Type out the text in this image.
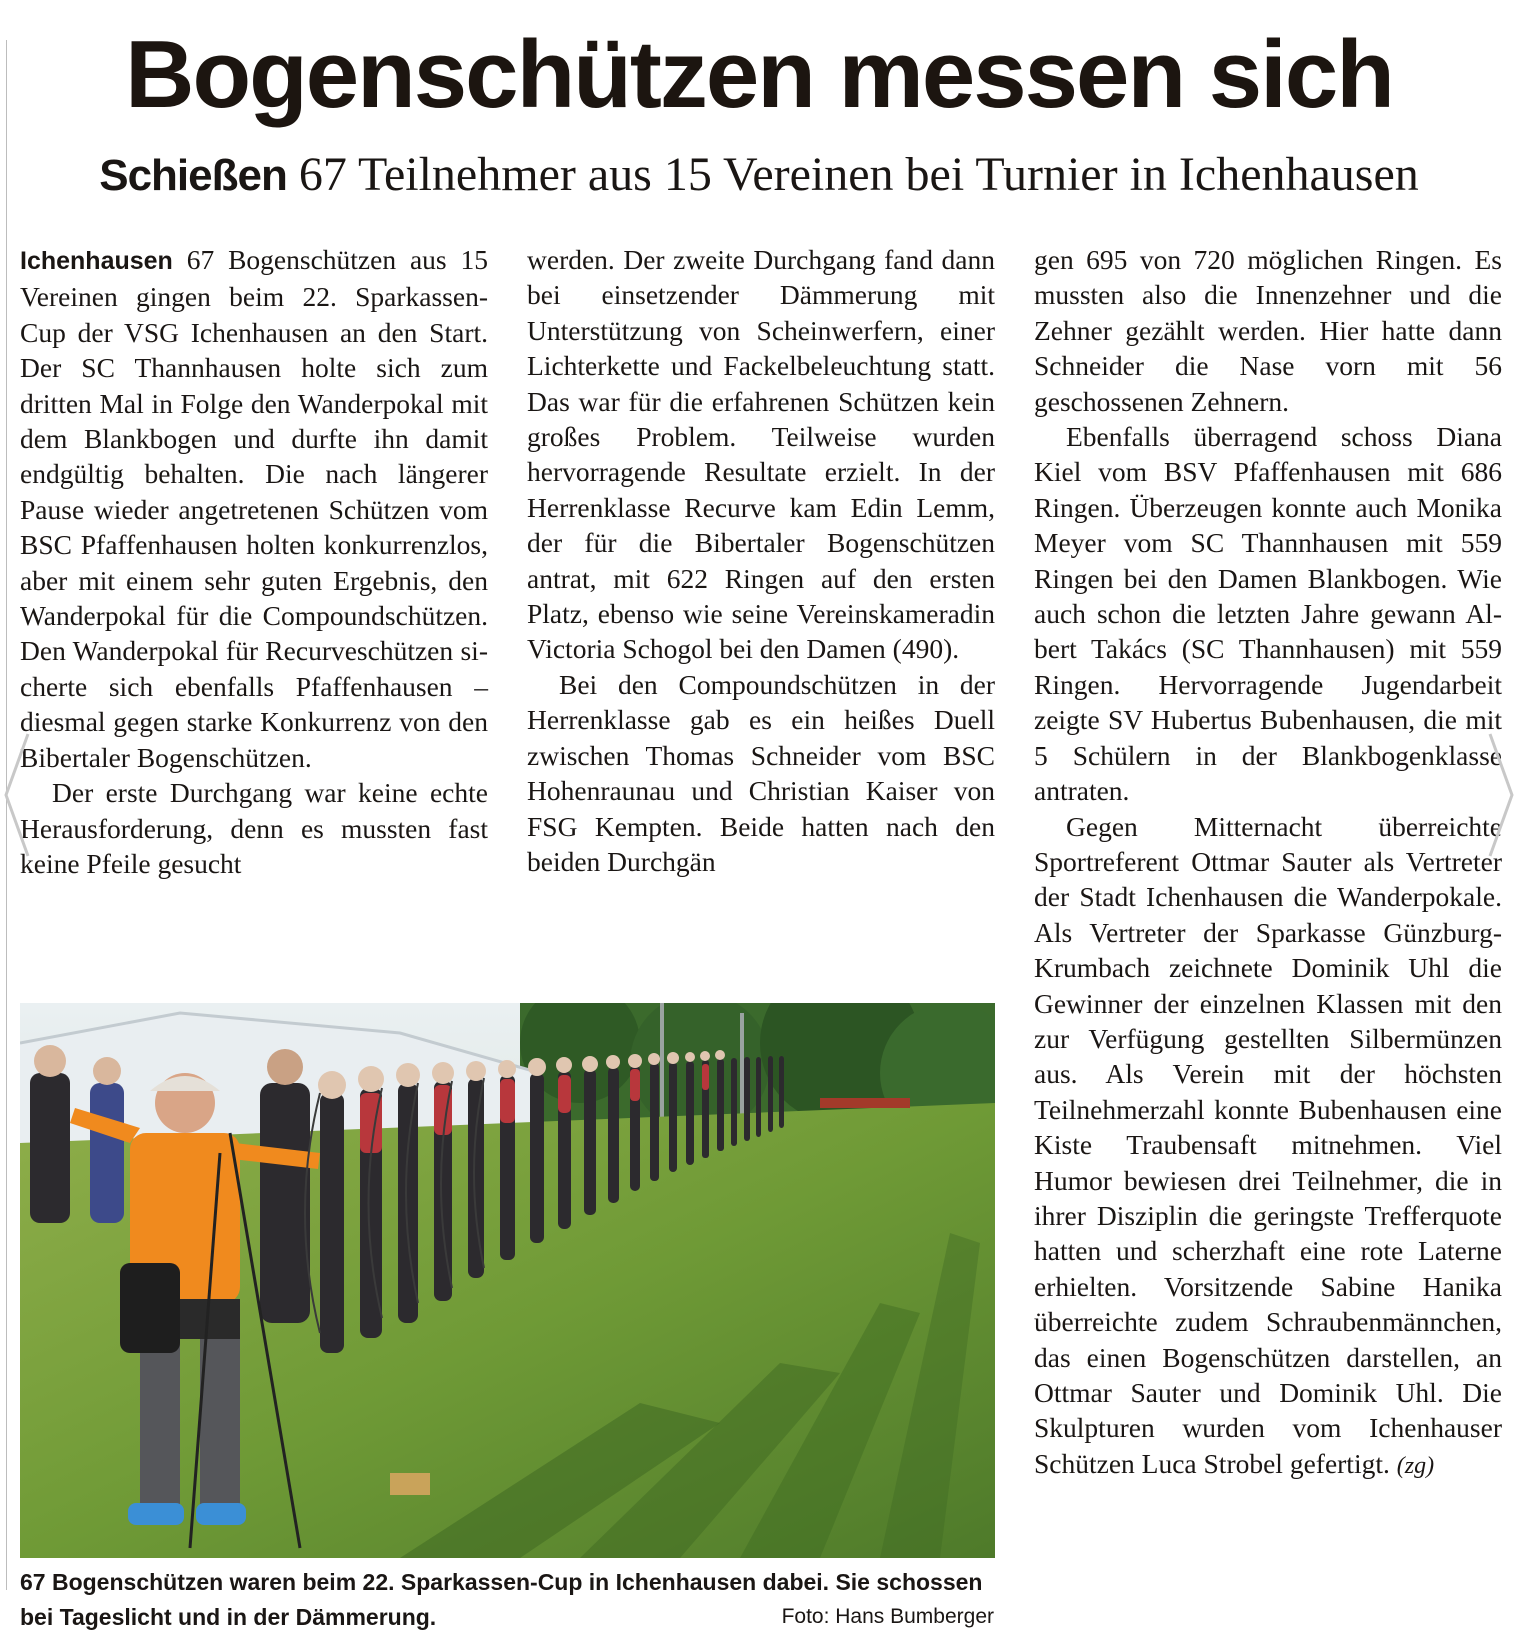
Bogenschützen messen sich
Schießen 67 Teilnehmer aus 15 Vereinen bei Turnier in Ichenhausen

Ichenhausen 67 Bogenschützen aus 15 Vereinen gingen beim 22. Sparkassen-Cup der VSG Ichenhausen an den Start. Der SC Thannhausen holte sich zum dritten Mal in Folge den Wanderpokal mit dem Blankbogen und durfte ihn damit endgültig behalten. Die nach längerer Pause wieder angetretenen Schützen vom BSC Pfaffenhausen holten konkurrenzlos, aber mit einem sehr guten Ergebnis, den Wanderpokal für die Compoundschützen. Den Wanderpokal für Recurveschützen sicherte sich ebenfalls Pfaffenhausen – diesmal gegen starke Konkurrenz von den Bibertaler Bogenschützen.

Der erste Durchgang war keine echte Herausforderung, denn es mussten fast keine Pfeile gesucht

werden. Der zweite Durchgang fand dann bei einsetzender Dämmerung mit Unterstützung von Scheinwerfern, einer Lichterkette und Fackelbeleuchtung statt. Das war für die erfahrenen Schützen kein großes Problem. Teilweise wurden hervorragende Resultate erzielt. In der Herrenklasse Recurve kam Edin Lemm, der für die Bibertaler Bogenschützen antrat, mit 622 Ringen auf den ersten Platz, ebenso wie seine Vereinskameradin Victoria Schogol bei den Damen (490).

Bei den Compoundschützen in der Herrenklasse gab es ein heißes Duell zwischen Thomas Schneider vom BSC Hohenraunau und Christian Kaiser von FSG Kempten. Beide hatten nach den beiden Durchgän

gen 695 von 720 möglichen Ringen. Es mussten also die Innenzehner und die Zehner gezählt werden. Hier hatte dann Schneider die Nase vorn mit 56 geschossenen Zehnern.

Ebenfalls überragend schoss Diana Kiel vom BSV Pfaffenhausen mit 686 Ringen. Überzeugen konnte auch Monika Meyer vom SC Thannhausen mit 559 Ringen bei den Damen Blankbogen. Wie auch schon die letzten Jahre gewann Albert Takács (SC Thannhausen) mit 559 Ringen. Hervorragende Jugendarbeit zeigte SV Hubertus Bubenhausen, die mit 5 Schülern in der Blankbogenklasse antraten.

Gegen Mitternacht überreichte Sportreferent Ottmar Sauter als Vertreter der Stadt Ichenhausen die Wanderpokale. Als Vertreter der Sparkasse Günzburg-Krumbach zeichnete Dominik Uhl die Gewinner der einzelnen Klassen mit den zur Verfügung gestellten Silbermünzen aus. Als Verein mit der höchsten Teilnehmerzahl konnte Bubenhausen eine Kiste Traubensaft mitnehmen. Viel Humor bewiesen drei Teilnehmer, die in ihrer Disziplin die geringste Trefferquote hatten und scherzhaft eine rote Laterne erhielten. Vorsitzende Sabine Hanika überreichte zudem Schraubenmännchen, das einen Bogenschützen darstellen, an Ottmar Sauter und Dominik Uhl. Die Skulpturen wurden vom Ichenhauser Schützen Luca Strobel gefertigt. (zg)

67 Bogenschützen waren beim 22. Sparkassen-Cup in Ichenhausen dabei. Sie schossen bei Tageslicht und in der Dämmerung.	Foto: Hans Bumberger
